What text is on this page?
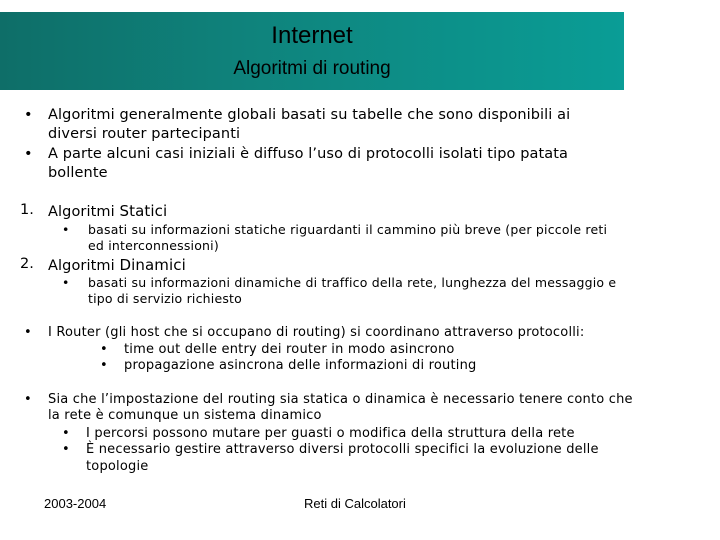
Internet
Algoritmi di routing
• Algoritmi generalmente globali basati su tabelle che sono disponibili ai
diversi router partecipanti
• A parte alcuni casi iniziali è diffuso l’uso di protocolli isolati tipo patata
bollente
1. Algoritmi Statici
• basati su informazioni statiche riguardanti il cammino più breve (per piccole reti
ed interconnessioni)
2. Algoritmi Dinamici
• basati su informazioni dinamiche di traffico della rete, lunghezza del messaggio e
tipo di servizio richiesto
• I Router (gli host che si occupano di routing) si coordinano attraverso protocolli:
• time out delle entry dei router in modo asincrono
• propagazione asincrona delle informazioni di routing
• Sia che l’impostazione del routing sia statica o dinamica è necessario tenere conto che
la rete è comunque un sistema dinamico
• I percorsi possono mutare per guasti o modifica della struttura della rete
• È necessario gestire attraverso diversi protocolli specifici la evoluzione delle
topologie
2003-2004	Reti di Calcolatori
